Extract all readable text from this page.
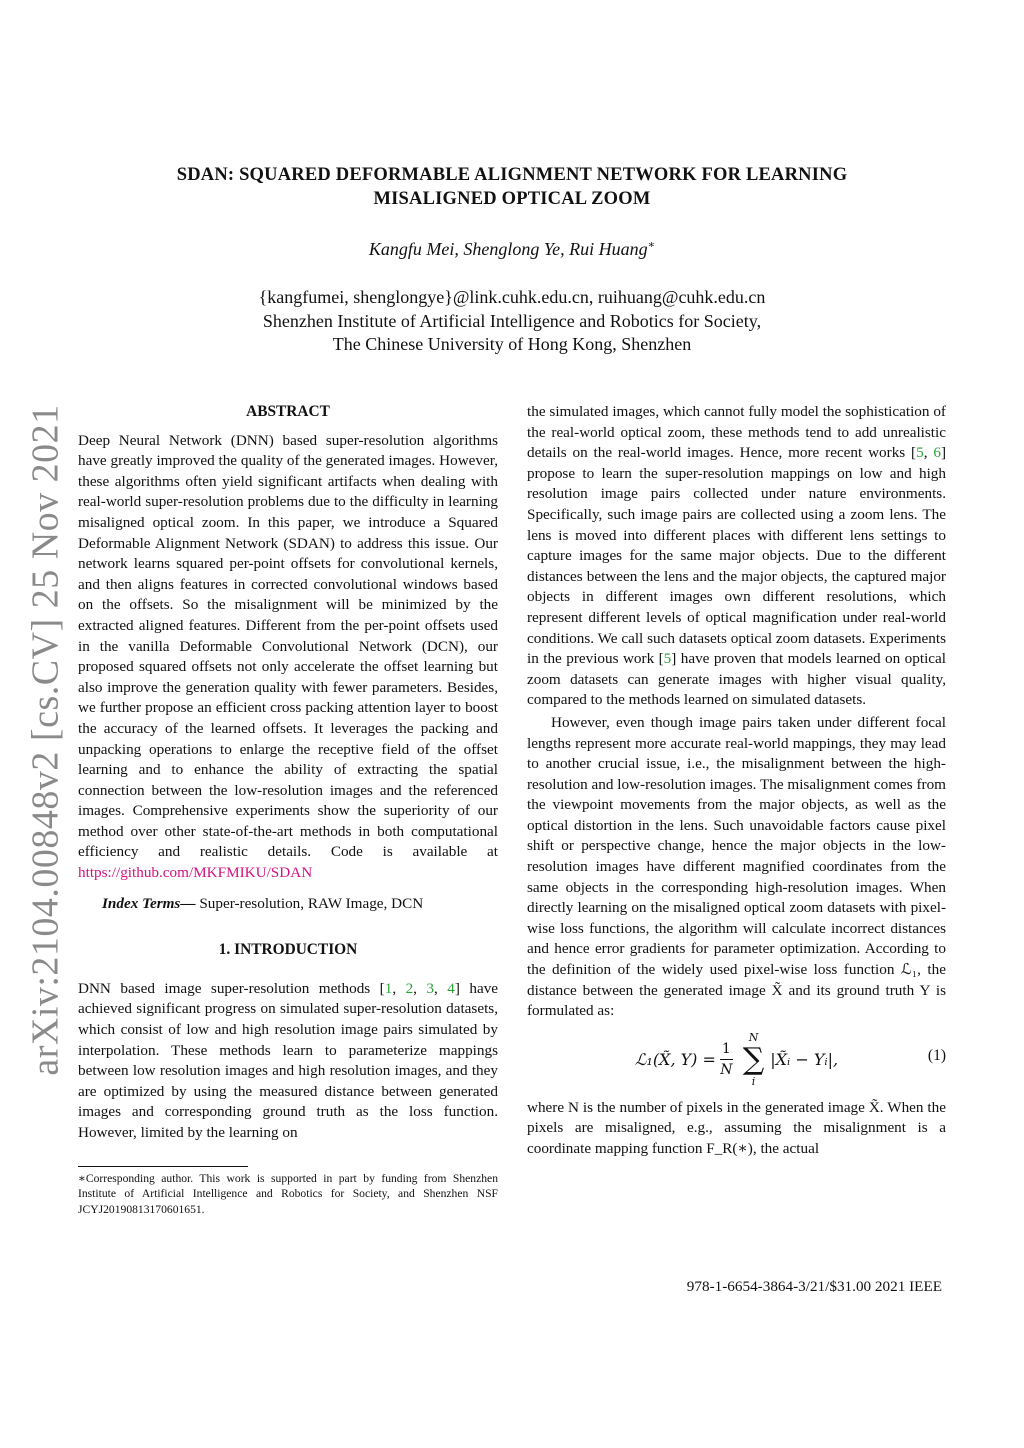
arXiv:2104.00848v2 [cs.CV] 25 Nov 2021
SDAN: SQUARED DEFORMABLE ALIGNMENT NETWORK FOR LEARNING
MISALIGNED OPTICAL ZOOM
Kangfu Mei, Shenglong Ye, Rui Huang∗
{kangfumei, shenglongye}@link.cuhk.edu.cn, ruihuang@cuhk.edu.cn
Shenzhen Institute of Artificial Intelligence and Robotics for Society,
The Chinese University of Hong Kong, Shenzhen
ABSTRACT

Deep Neural Network (DNN) based super-resolution algorithms have greatly improved the quality of the generated images. However, these algorithms often yield significant artifacts when dealing with real-world super-resolution problems due to the difficulty in learning misaligned optical zoom. In this paper, we introduce a Squared Deformable Alignment Network (SDAN) to address this issue. Our network learns squared per-point offsets for convolutional kernels, and then aligns features in corrected convolutional windows based on the offsets. So the misalignment will be minimized by the extracted aligned features. Different from the per-point offsets used in the vanilla Deformable Convolutional Network (DCN), our proposed squared offsets not only accelerate the offset learning but also improve the generation quality with fewer parameters. Besides, we further propose an efficient cross packing attention layer to boost the accuracy of the learned offsets. It leverages the packing and unpacking operations to enlarge the receptive field of the offset learning and to enhance the ability of extracting the spatial connection between the low-resolution images and the referenced images. Comprehensive experiments show the superiority of our method over other state-of-the-art methods in both computational efficiency and realistic details. Code is available at https://github.com/MKFMIKU/SDAN

Index Terms— Super-resolution, RAW Image, DCN

1. INTRODUCTION

DNN based image super-resolution methods [1, 2, 3, 4] have achieved significant progress on simulated super-resolution datasets, which consist of low and high resolution image pairs simulated by interpolation. These methods learn to parameterize mappings between low resolution images and high resolution images, and they are optimized by using the measured distance between generated images and corresponding ground truth as the loss function. However, limited by the learning on

∗Corresponding author. This work is supported in part by funding from Shenzhen Institute of Artificial Intelligence and Robotics for Society, and Shenzhen NSF JCYJ20190813170601651.

the simulated images, which cannot fully model the sophistication of the real-world optical zoom, these methods tend to add unrealistic details on the real-world images. Hence, more recent works [5, 6] propose to learn the super-resolution mappings on low and high resolution image pairs collected under nature environments. Specifically, such image pairs are collected using a zoom lens. The lens is moved into different places with different lens settings to capture images for the same major objects. Due to the different distances between the lens and the major objects, the captured major objects in different images own different resolutions, which represent different levels of optical magnification under real-world conditions. We call such datasets optical zoom datasets. Experiments in the previous work [5] have proven that models learned on optical zoom datasets can generate images with higher visual quality, compared to the methods learned on simulated datasets.

However, even though image pairs taken under different focal lengths represent more accurate real-world mappings, they may lead to another crucial issue, i.e., the misalignment between the high-resolution and low-resolution images. The misalignment comes from the viewpoint movements from the major objects, as well as the optical distortion in the lens. Such unavoidable factors cause pixel shift or perspective change, hence the major objects in the low-resolution images have different magnified coordinates from the same objects in the corresponding high-resolution images. When directly learning on the misaligned optical zoom datasets with pixel-wise loss functions, the algorithm will calculate incorrect distances and hence error gradients for parameter optimization. According to the definition of the widely used pixel-wise loss function ℒ₁, the distance between the generated image X̃ and its ground truth Y is formulated as:

ℒ₁(X̃, $Y) = \frac{1}{N}$
N
∑
i
|X̃ᵢ − Yᵢ|,	(1)

where N is the number of pixels in the generated image X̃. When the pixels are misaligned, e.g., assuming the misalignment is a coordinate mapping function F_R(∗), the actual

978-1-6654-3864-3/21/$31.00 2021 IEEE
